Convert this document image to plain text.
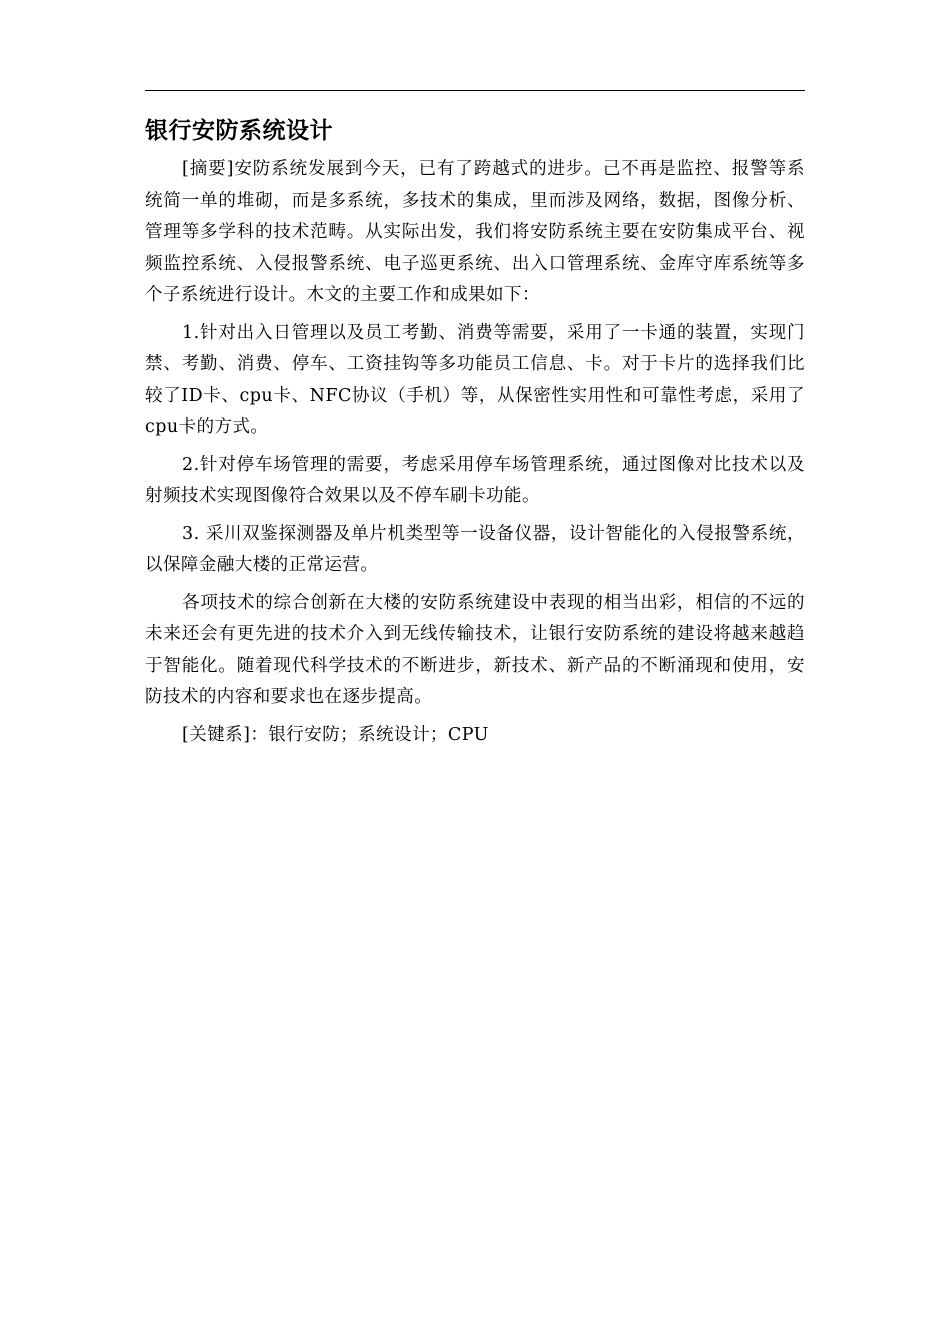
银行安防系统设计

[摘要]安防系统发展到今天，已有了跨越式的进步。己不再是监控、报警等系统简一单的堆砌，而是多系统，多技术的集成，里而涉及网络，数据，图像分析、管理等多学科的技术范畴。从实际出发，我们将安防系统主要在安防集成平台、视频监控系统、入侵报警系统、电子巡更系统、出入口管理系统、金库守库系统等多个子系统进行设计。木文的主要工作和成果如下：

1.针对出入日管理以及员工考勤、消费等需要，采用了一卡通的装置，实现门禁、考勤、消费、停车、工资挂钩等多功能员工信息、卡。对于卡片的选择我们比较了ID卡、cpu卡、NFC协议（手机）等，从保密性实用性和可靠性考虑，采用了cpu卡的方式。

2.针对停车场管理的需要，考虑采用停车场管理系统，通过图像对比技术以及射频技术实现图像符合效果以及不停车刷卡功能。

3. 采川双鉴探测器及单片机类型等一设备仪器，设计智能化的入侵报警系统，以保障金融大楼的正常运营。

各项技术的综合创新在大楼的安防系统建设中表现的相当出彩，相信的不远的未来还会有更先进的技术介入到无线传输技术，让银行安防系统的建设将越来越趋于智能化。随着现代科学技术的不断进步，新技术、新产品的不断涌现和使用，安防技术的内容和要求也在逐步提高。

[关键系]：银行安防；系统设计；CPU
